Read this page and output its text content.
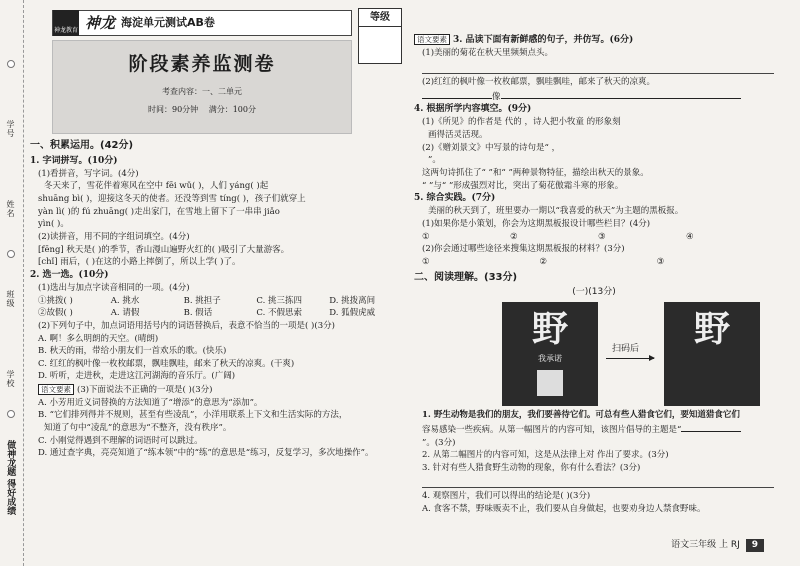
学号
姓名
班级
学校
做神龙题 得好成绩
神龙教育 神龙 海淀单元测试AB卷	等级
阶段素养监测卷
考查内容：一、二单元
时间：90分钟 满分：100分
一、积累运用。(42分)
1. 字词拼写。(10分)
(1)看拼音，写字词。(4分)
冬天来了，雪花伴着寒风在空中 fēi wǔ( )，人们 yáng( )起
shuāng bì( )，迎接这冬天的使者。还没等到雪 tíng( )，孩子们就穿上
yàn lì( )的 fú zhuāng( )走出家门，在雪地上留下了一串串 jiǎo
yìn( )。
(2)读拼音，用不同的字组词填空。(4分)
[fēng] 秋天是( )的季节，香山漫山遍野火红的( )吸引了大量游客。
[chǐ] 雨后，( )在这的小路上摔倒了，所以上学( )了。
2. 选一选。(10分)
(1)选出与加点字读音相同的一项。(4分)
①挑拨( )	A. 挑水	B. 挑担子	C. 挑三拣四	D. 挑拨离间
②故假( )	A. 请假	B. 假话	C. 不假思索	D. 狐假虎威
(2)下列句子中，加点词语用括号内的词语替换后，表意不恰当的一项是( )(3分)
A. 啊！多么明朗的天空。(晴朗)
B. 秋天的雨，带给小朋友们一首欢乐的歌。(快乐)
C. 红红的枫叶像一枚枚邮票，飘哇飘哇，邮来了秋天的凉爽。(干爽)
D. 听听，走进秋，走进这江河湖海的音乐厅。(广阔)
语文要素 (3)下面说法不正确的一项是( )(3分)
A. 小芳用近义词替换的方法知道了“增添”的意思为“添加”。
B. “它们排列得并不规则，甚至有些凌乱”，小洋用联系上下文和生活实际的方法，
知道了句中“凌乱”的意思为“不整齐，没有秩序”。
C. 小刚觉得遇到不理解的词语时可以跳过。
D. 通过查字典，亮亮知道了“练本领”中的“练”的意思是“练习，反复学习，多次地操作”。
语文要素 3. 品读下面有新鲜感的句子，并仿写。(6分)
(1)美丽的菊花在秋天里频频点头。
(2)红红的枫叶像一枚枚邮票，飘哇飘哇，邮来了秋天的凉爽。
像
4. 根据所学内容填空。(9分)
(1)《所见》的作者是 代的 ，诗人把小牧童 的形象刻
画得活灵活现。
(2)《赠刘景文》中写景的诗句是“ ，
”。
这两句诗抓住了“ ”和“ ”两种景物特征，描绘出秋天的景象。
“ ”与“ ”形成强烈对比，突出了菊花傲霜斗寒的形象。
5. 综合实践。(7分)
美丽的秋天到了，班里要办一期以“我喜爱的秋天”为主题的黑板报。
(1)如果你是小策划，你会为这期黑板报设计哪些栏目？(4分)
①	②	③	④
(2)你会通过哪些途径来搜集这期黑板报的材料？(3分)
①	②	③
二、阅读理解。(33分)
(一)(13分)
野
我承诺
扫码后	野
1. 野生动物是我们的朋友，我们要善待它们。可总有些人猎食它们，要知道猎食它们
容易感染一些疾病。从第一幅图片的内容可知，该图片倡导的主题是“
”。(3分)
2. 从第二幅图片的内容可知，这是从法律上对 作出了要求。(3分)
3. 针对有些人猎食野生动物的现象，你有什么看法？(3分)
4. 观察图片，我们可以得出的结论是( )(3分)
A. 食客不禁，野味贩卖不止，我们要从自身做起，也要劝身边人禁食野味。
语文三年级 上 RJ	9
